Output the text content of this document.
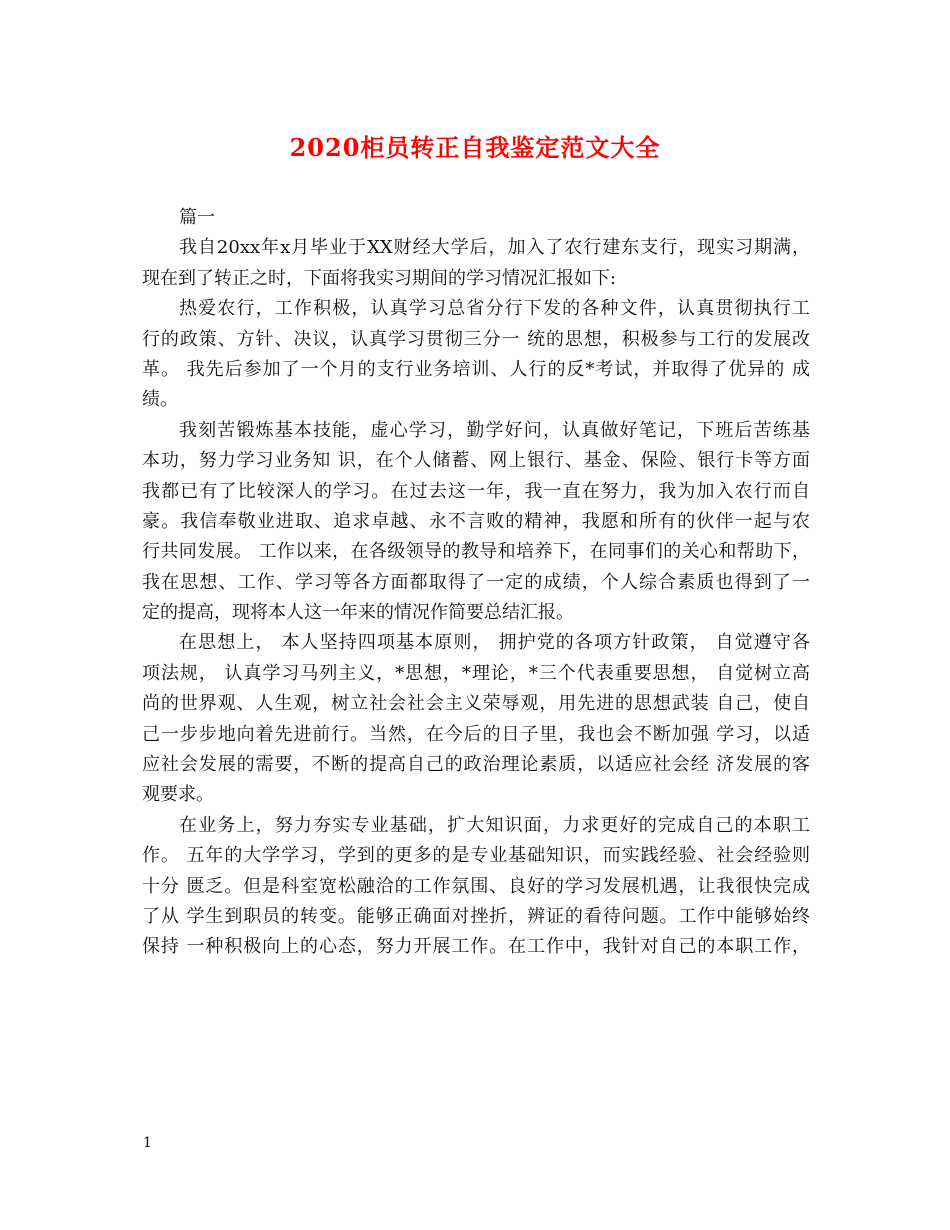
2020柜员转正自我鉴定范文大全
篇一
我自20xx年x月毕业于XX财经大学后，加入了农行建东支行，现实习期满，
现在到了转正之时，下面将我实习期间的学习情况汇报如下:
热爱农行，工作积极，认真学习总省分行下发的各种文件，认真贯彻执行工
行的政策、方针、决议，认真学习贯彻三分一 统的思想，积极参与工行的发展改
革。 我先后参加了一个月的支行业务培训、人行的反*考试，并取得了优异的 成
绩。
我刻苦锻炼基本技能，虚心学习，勤学好问，认真做好笔记，下班后苦练基
本功，努力学习业务知 识，在个人储蓄、网上银行、基金、保险、银行卡等方面
我都已有了比较深人的学习。在过去这一年，我一直在努力，我为加入农行而自
豪。我信奉敬业进取、追求卓越、永不言败的精神，我愿和所有的伙伴一起与农
行共同发展。 工作以来，在各级领导的教导和培养下，在同事们的关心和帮助下，
我在思想、工作、学习等各方面都取得了一定的成绩，个人综合素质也得到了一
定的提高，现将本人这一年来的情况作简要总结汇报。
在思想上， 本人坚持四项基本原则， 拥护党的各项方针政策， 自觉遵守各
项法规， 认真学习马列主义，*思想，*理论，*三个代表重要思想， 自觉树立高
尚的世界观、人生观，树立社会社会主义荣辱观，用先进的思想武装 自己，使自
己一步步地向着先进前行。当然，在今后的日子里，我也会不断加强 学习，以适
应社会发展的需要，不断的提高自己的政治理论素质，以适应社会经 济发展的客
观要求。
在业务上，努力夯实专业基础，扩大知识面，力求更好的完成自己的本职工
作。 五年的大学学习，学到的更多的是专业基础知识，而实践经验、社会经验则
十分 匮乏。但是科室宽松融洽的工作氛围、良好的学习发展机遇，让我很快完成
了从 学生到职员的转变。能够正确面对挫折，辨证的看待问题。工作中能够始终
保持 一种积极向上的心态，努力开展工作。在工作中，我针对自己的本职工作，
1
